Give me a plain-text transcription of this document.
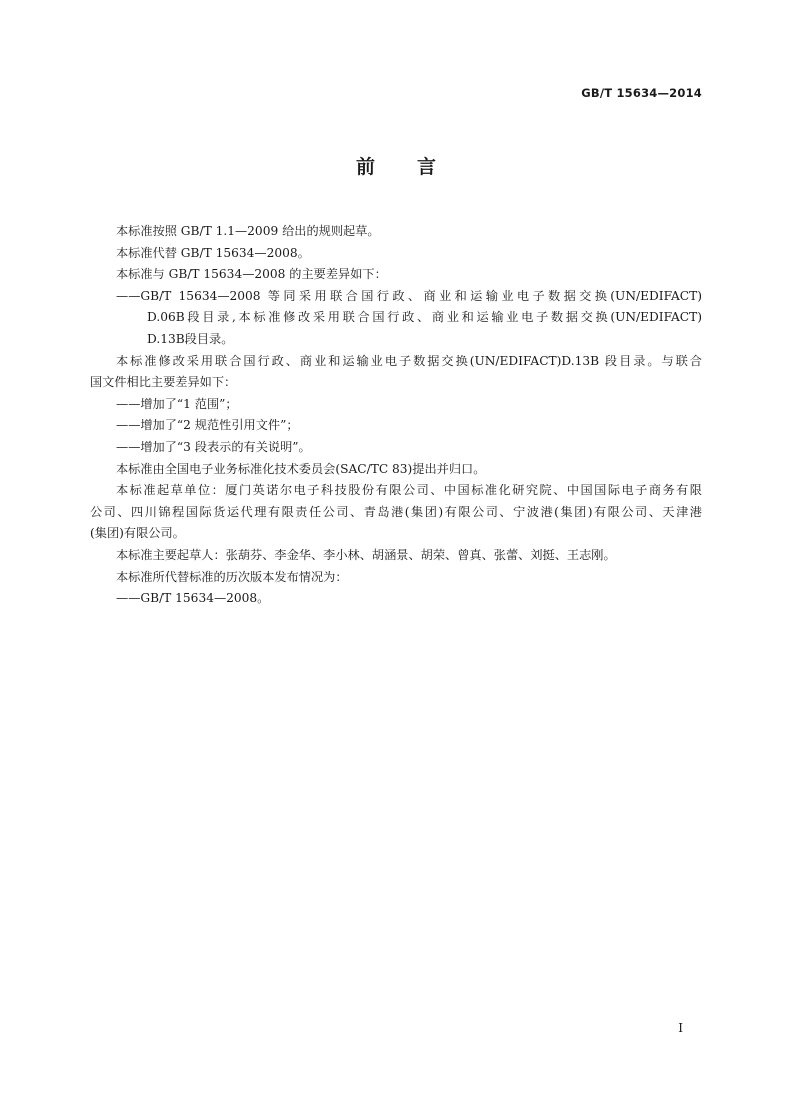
GB/T 15634—2014
前 言

本标准按照 GB/T 1.1—2009 给出的规则起草。

本标准代替 GB/T 15634—2008。

本标准与 GB/T 15634—2008 的主要差异如下：

——GB/T 15634—2008 等同采用联合国行政、商业和运输业电子数据交换(UN/EDIFACT)

D.06B段目录,本标准修改采用联合国行政、商业和运输业电子数据交换(UN/EDIFACT)

D.13B段目录。

本标准修改采用联合国行政、商业和运输业电子数据交换(UN/EDIFACT)D.13B 段目录。与联合

国文件相比主要差异如下：

——增加了“1 范围”；

——增加了“2 规范性引用文件”；

——增加了“3 段表示的有关说明”。

本标准由全国电子业务标准化技术委员会(SAC/TC 83)提出并归口。

本标准起草单位：厦门英诺尔电子科技股份有限公司、中国标准化研究院、中国国际电子商务有限

公司、四川锦程国际货运代理有限责任公司、青岛港(集团)有限公司、宁波港(集团)有限公司、天津港

(集团)有限公司。

本标准主要起草人：张葫芬、李金华、李小林、胡涵景、胡荣、曾真、张蕾、刘挺、王志刚。

本标准所代替标准的历次版本发布情况为：

——GB/T 15634—2008。

I
